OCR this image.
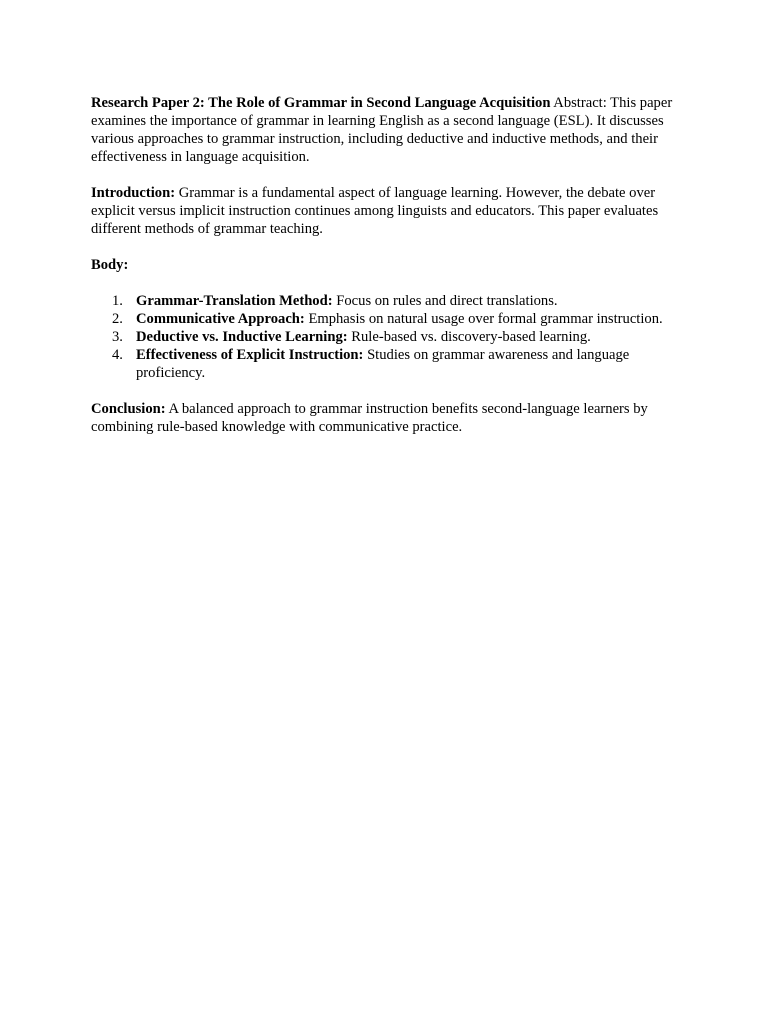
Research Paper 2: The Role of Grammar in Second Language Acquisition Abstract: This paper examines the importance of grammar in learning English as a second language (ESL). It discusses various approaches to grammar instruction, including deductive and inductive methods, and their effectiveness in language acquisition.

Introduction: Grammar is a fundamental aspect of language learning. However, the debate over explicit versus implicit instruction continues among linguists and educators. This paper evaluates different methods of grammar teaching.

Body:

1. Grammar-Translation Method: Focus on rules and direct translations.
2. Communicative Approach: Emphasis on natural usage over formal grammar instruction.
3. Deductive vs. Inductive Learning: Rule-based vs. discovery-based learning.
4. Effectiveness of Explicit Instruction: Studies on grammar awareness and language proficiency.

Conclusion: A balanced approach to grammar instruction benefits second-language learners by combining rule-based knowledge with communicative practice.
